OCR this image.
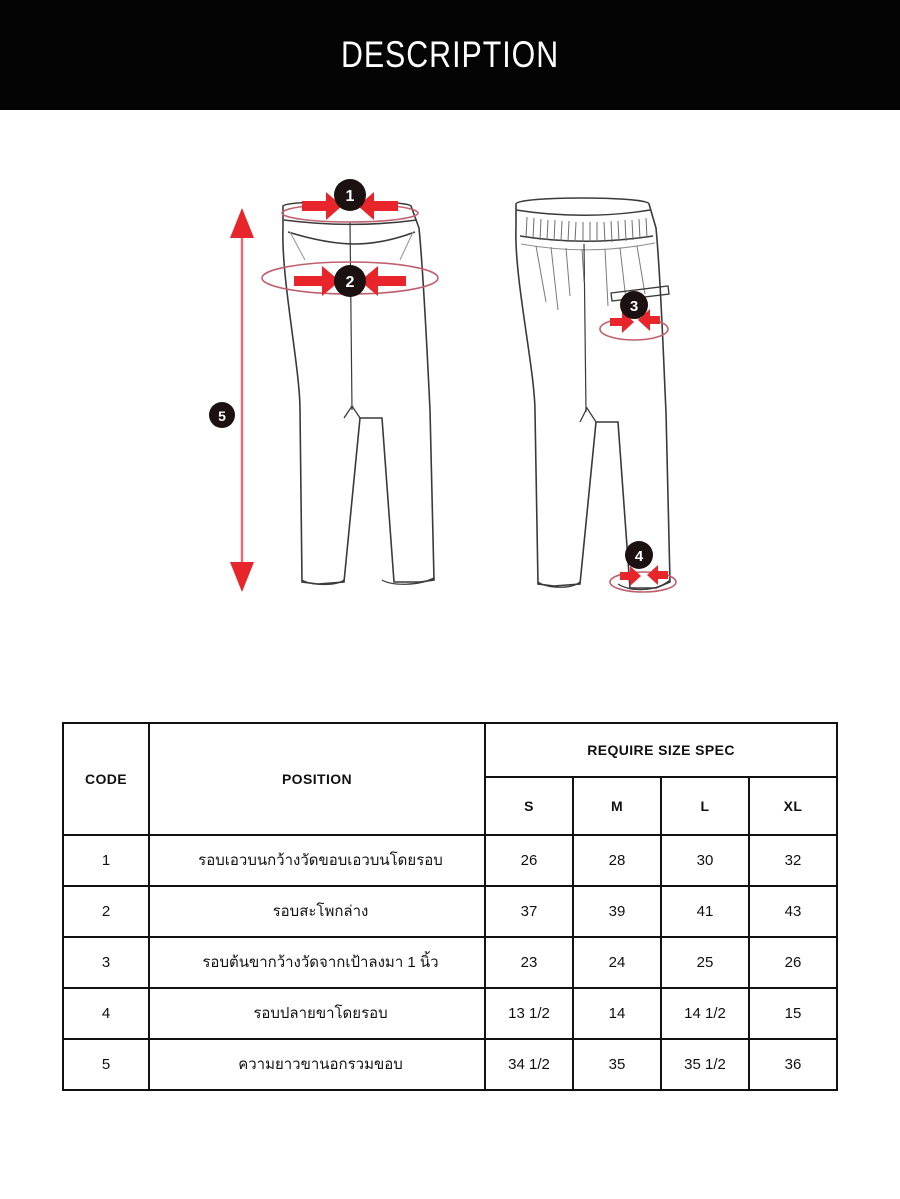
DESCRIPTION
1
2
3
4
5
CODE	POSITION	REQUIRE SIZE SPEC			
		S	M	L	XL
1	รอบเอวบนกว้างวัดขอบเอวบนโดยรอบ	26	28	30	32
2	รอบสะโพกล่าง	37	39	41	43
3	รอบต้นขากว้างวัดจากเป้าลงมา 1 นิ้ว	23	24	25	26
4	รอบปลายขาโดยรอบ	13 1/2	14	14 1/2	15
5	ความยาวขานอกรวมขอบ	34 1/2	35	35 1/2	36
